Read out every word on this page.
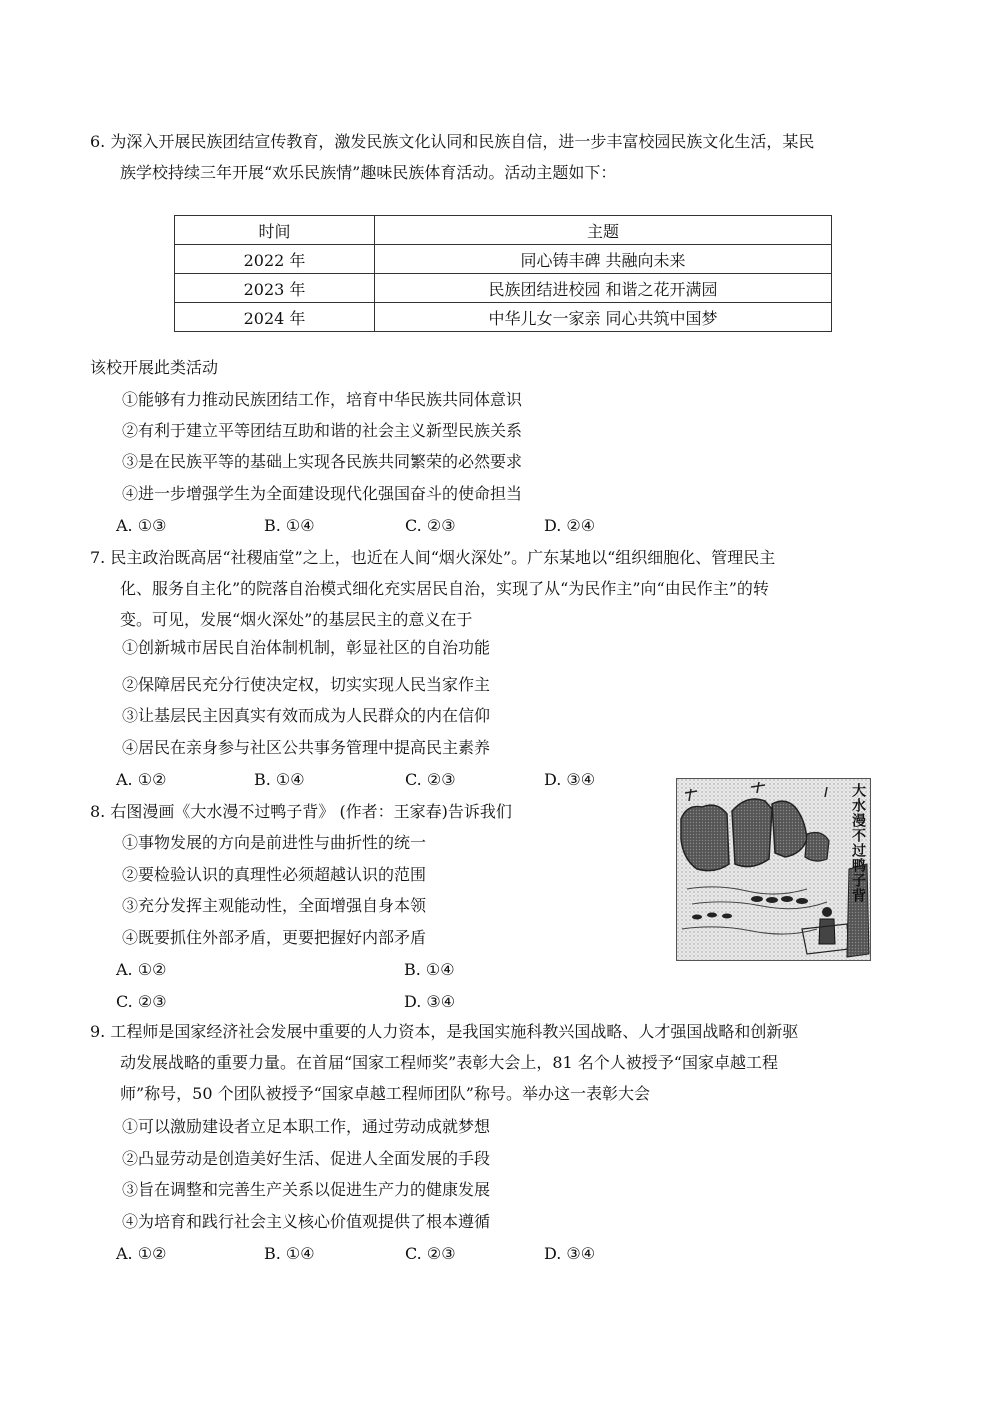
6. 为深入开展民族团结宣传教育，激发民族文化认同和民族自信，进一步丰富校园民族文化生活，某民
族学校持续三年开展“欢乐民族情”趣味民族体育活动。活动主题如下：
时间	主题
2022 年	同心铸丰碑 共融向未来
2023 年	民族团结进校园 和谐之花开满园
2024 年	中华儿女一家亲 同心共筑中国梦
该校开展此类活动
①能够有力推动民族团结工作，培育中华民族共同体意识
②有利于建立平等团结互助和谐的社会主义新型民族关系
③是在民族平等的基础上实现各民族共同繁荣的必然要求
④进一步增强学生为全面建设现代化强国奋斗的使命担当
A. ①③	B. ①④	C. ②③	D. ②④
7. 民主政治既高居“社稷庙堂”之上，也近在人间“烟火深处”。广东某地以“组织细胞化、管理民主
化、服务自主化”的院落自治模式细化充实居民自治，实现了从“为民作主”向“由民作主”的转
变。可见，发展“烟火深处”的基层民主的意义在于
①创新城市居民自治体制机制，彰显社区的自治功能
②保障居民充分行使决定权，切实实现人民当家作主
③让基层民主因真实有效而成为人民群众的内在信仰
④居民在亲身参与社区公共事务管理中提高民主素养
A. ①②	B. ①④	C. ②③	D. ③④
8. 右图漫画《大水漫不过鸭子背》 (作者：王家春)告诉我们
①事物发展的方向是前进性与曲折性的统一
②要检验认识的真理性必须超越认识的范围
③充分发挥主观能动性，全面增强自身本领
④既要抓住外部矛盾，更要把握好内部矛盾
A. ①②	B. ①④
C. ②③	D. ③④
大水漫不过鸭子背
9. 工程师是国家经济社会发展中重要的人力资本，是我国实施科教兴国战略、人才强国战略和创新驱
动发展战略的重要力量。在首届“国家工程师奖”表彰大会上，81 名个人被授予“国家卓越工程
师”称号，50 个团队被授予“国家卓越工程师团队”称号。举办这一表彰大会
①可以激励建设者立足本职工作，通过劳动成就梦想
②凸显劳动是创造美好生活、促进人全面发展的手段
③旨在调整和完善生产关系以促进生产力的健康发展
④为培育和践行社会主义核心价值观提供了根本遵循
A. ①②	B. ①④	C. ②③	D. ③④
